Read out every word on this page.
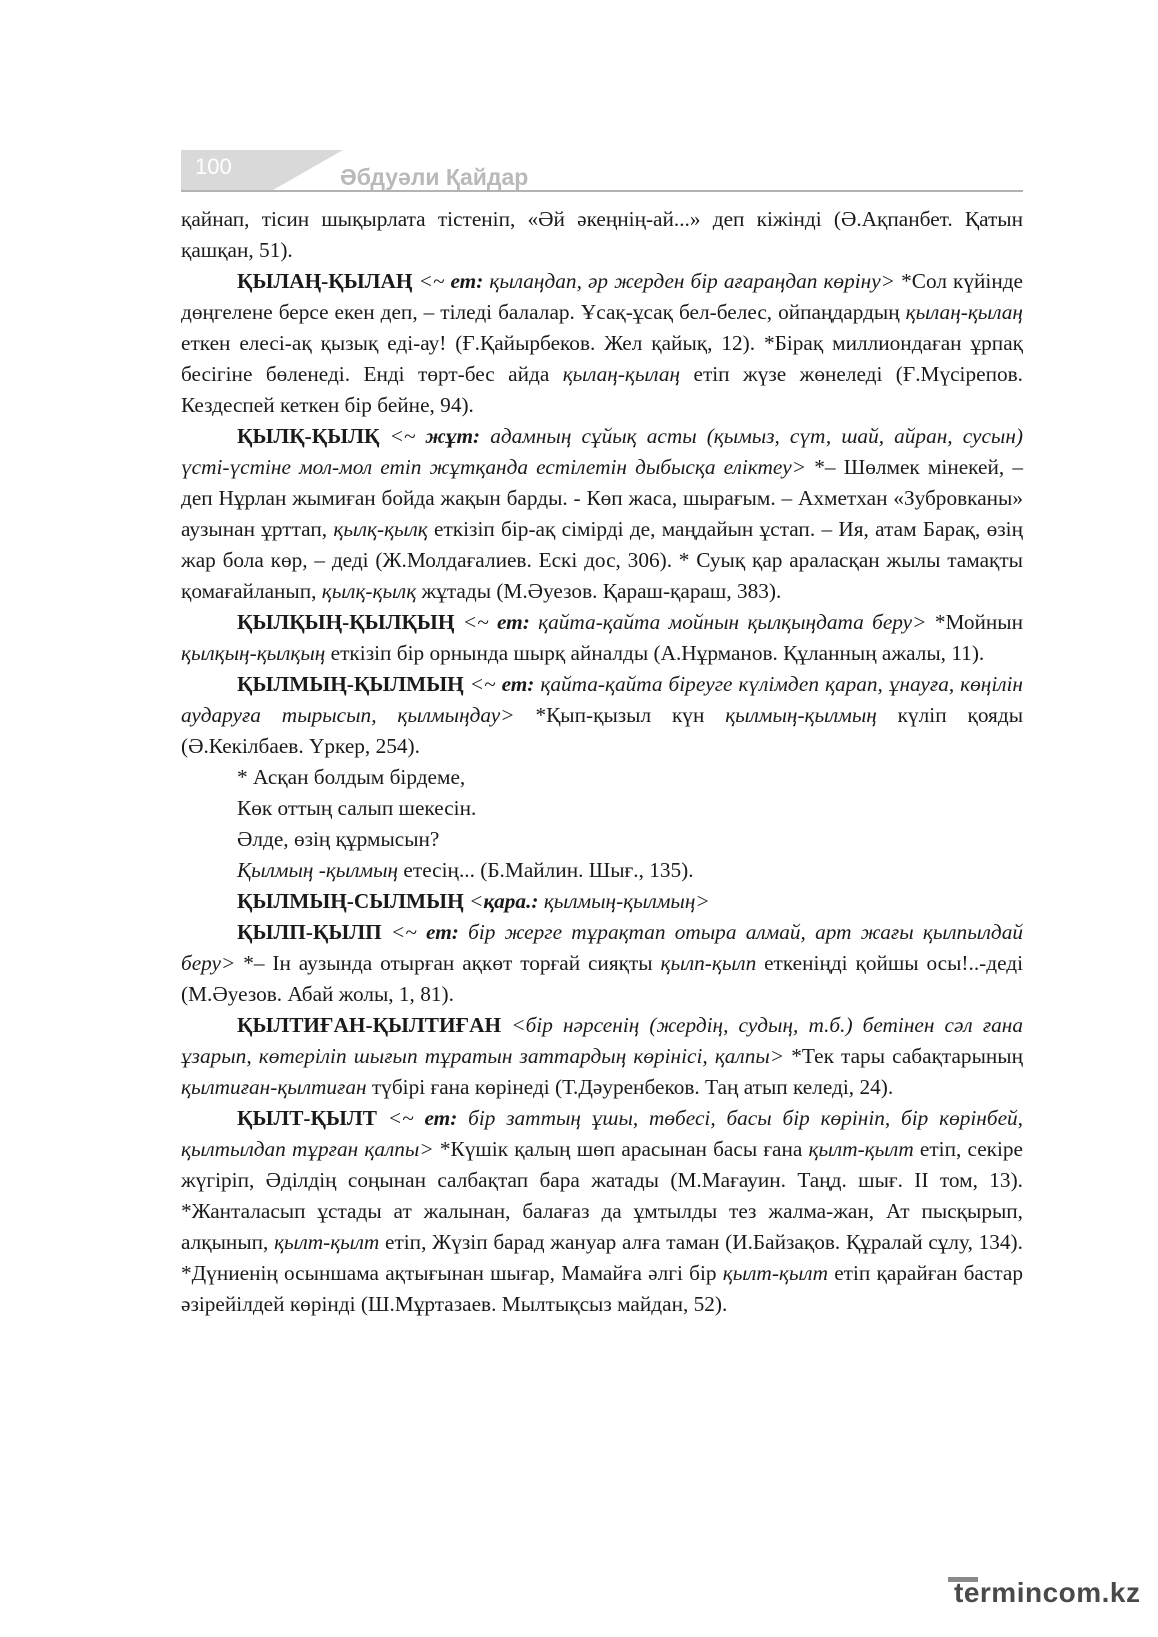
100	Әбдуәли Қайдар

қайнап, тісин шықырлата тістеніп, «Әй әкеңнің-ай...» деп кіжінді (Ә.Ақпанбет. Қатын қашқан, 51).

ҚЫЛАҢ-ҚЫЛАҢ <~ ет: қылаңдап, әр жерден бір ағараңдап көріну> *Сол күйінде дөңгелене берсе екен деп, – тіледі балалар. Ұсақ-ұсақ бел-белес, ойпаңдардың қылаң-қылаң еткен елесі-ақ қызық еді-ау! (Ғ.Қайырбеков. Жел қайық, 12). *Бірақ миллиондаған ұрпақ бесігіне бөленеді. Енді төрт-бес айда қылаң-қылаң етіп жүзе жөнеледі (Ғ.Мүсірепов. Кездеспей кеткен бір бейне, 94).

ҚЫЛҚ-ҚЫЛҚ <~ жұт: адамның сұйық асты (қымыз, сүт, шай, айран, сусын) үсті-үстіне мол-мол етіп жұтқанда естілетін дыбысқа еліктеу> *– Шөлмек мінекей, – деп Нұрлан жымиған бойда жақын барды. - Көп жаса, шырағым. – Ахметхан «Зубровканы» аузынан ұрттап, қылқ-қылқ еткізіп бір-ақ сімірді де, маңдайын ұстап. – Ия, атам Барақ, өзің жар бола көр, – деді (Ж.Молдағалиев. Ескі дос, 306). * Суық қар араласқан жылы тамақты қомағайланып, қылқ-қылқ жұтады (М.Әуезов. Қараш-қараш, 383).

ҚЫЛҚЫҢ-ҚЫЛҚЫҢ <~ ет: қайта-қайта мойнын қылқыңдата беру> *Мойнын қылқың-қылқың еткізіп бір орнында шырқ айналды (А.Нұрманов. Құланның ажалы, 11).

ҚЫЛМЫҢ-ҚЫЛМЫҢ <~ ет: қайта-қайта біреуге күлімдеп қарап, ұнауға, көңілін аударуға тырысып, қылмыңдау> *Қып-қызыл күн қылмың-қылмың күліп қояды (Ә.Кекілбаев. Үркер, 254).

* Асқан болдым бірдеме,

Көк оттың салып шекесін.

Әлде, өзің құрмысын?

Қылмың -қылмың етесің... (Б.Майлин. Шығ., 135).

ҚЫЛМЫҢ-СЫЛМЫҢ <қара.: қылмың-қылмың>

ҚЫЛП-ҚЫЛП <~ ет: бір жерге тұрақтап отыра алмай, арт жағы қылпылдай беру> *– Ін аузында отырған ақкөт торғай сияқты қылп-қылп еткеніңді қойшы осы!..-деді (М.Әуезов. Абай жолы, 1, 81).

ҚЫЛТИҒАН-ҚЫЛТИҒАН <бір нәрсенің (жердің, судың, т.б.) бетінен сәл ғана ұзарып, көтеріліп шығып тұратын заттардың көрінісі, қалпы> *Тек тары сабақтарының қылтиған-қылтиған түбірі ғана көрінеді (Т.Дәуренбеков. Таң атып келеді, 24).

ҚЫЛТ-ҚЫЛТ <~ ет: бір заттың ұшы, төбесі, басы бір көрініп, бір көрінбей, қылтылдап тұрған қалпы> *Күшік қалың шөп арасынан басы ғана қылт-қылт етіп, секіре жүгіріп, Әділдің соңынан салбақтап бара жатады (М.Мағауин. Таңд. шығ. ІІ том, 13). *Жанталасып ұстады ат жалынан, балағаз да ұмтылды тез жалма-жан, Ат пысқырып, алқынып, қылт-қылт етіп, Жүзіп барад жануар алға таман (И.Байзақов. Құралай сұлу, 134). *Дүниенің осыншама ақтығынан шығар, Мамайға әлгі бір қылт-қылт етіп қарайған бастар әзірейілдей көрінді (Ш.Мұртазаев. Мылтықсыз майдан, 52).

termincom.kz
